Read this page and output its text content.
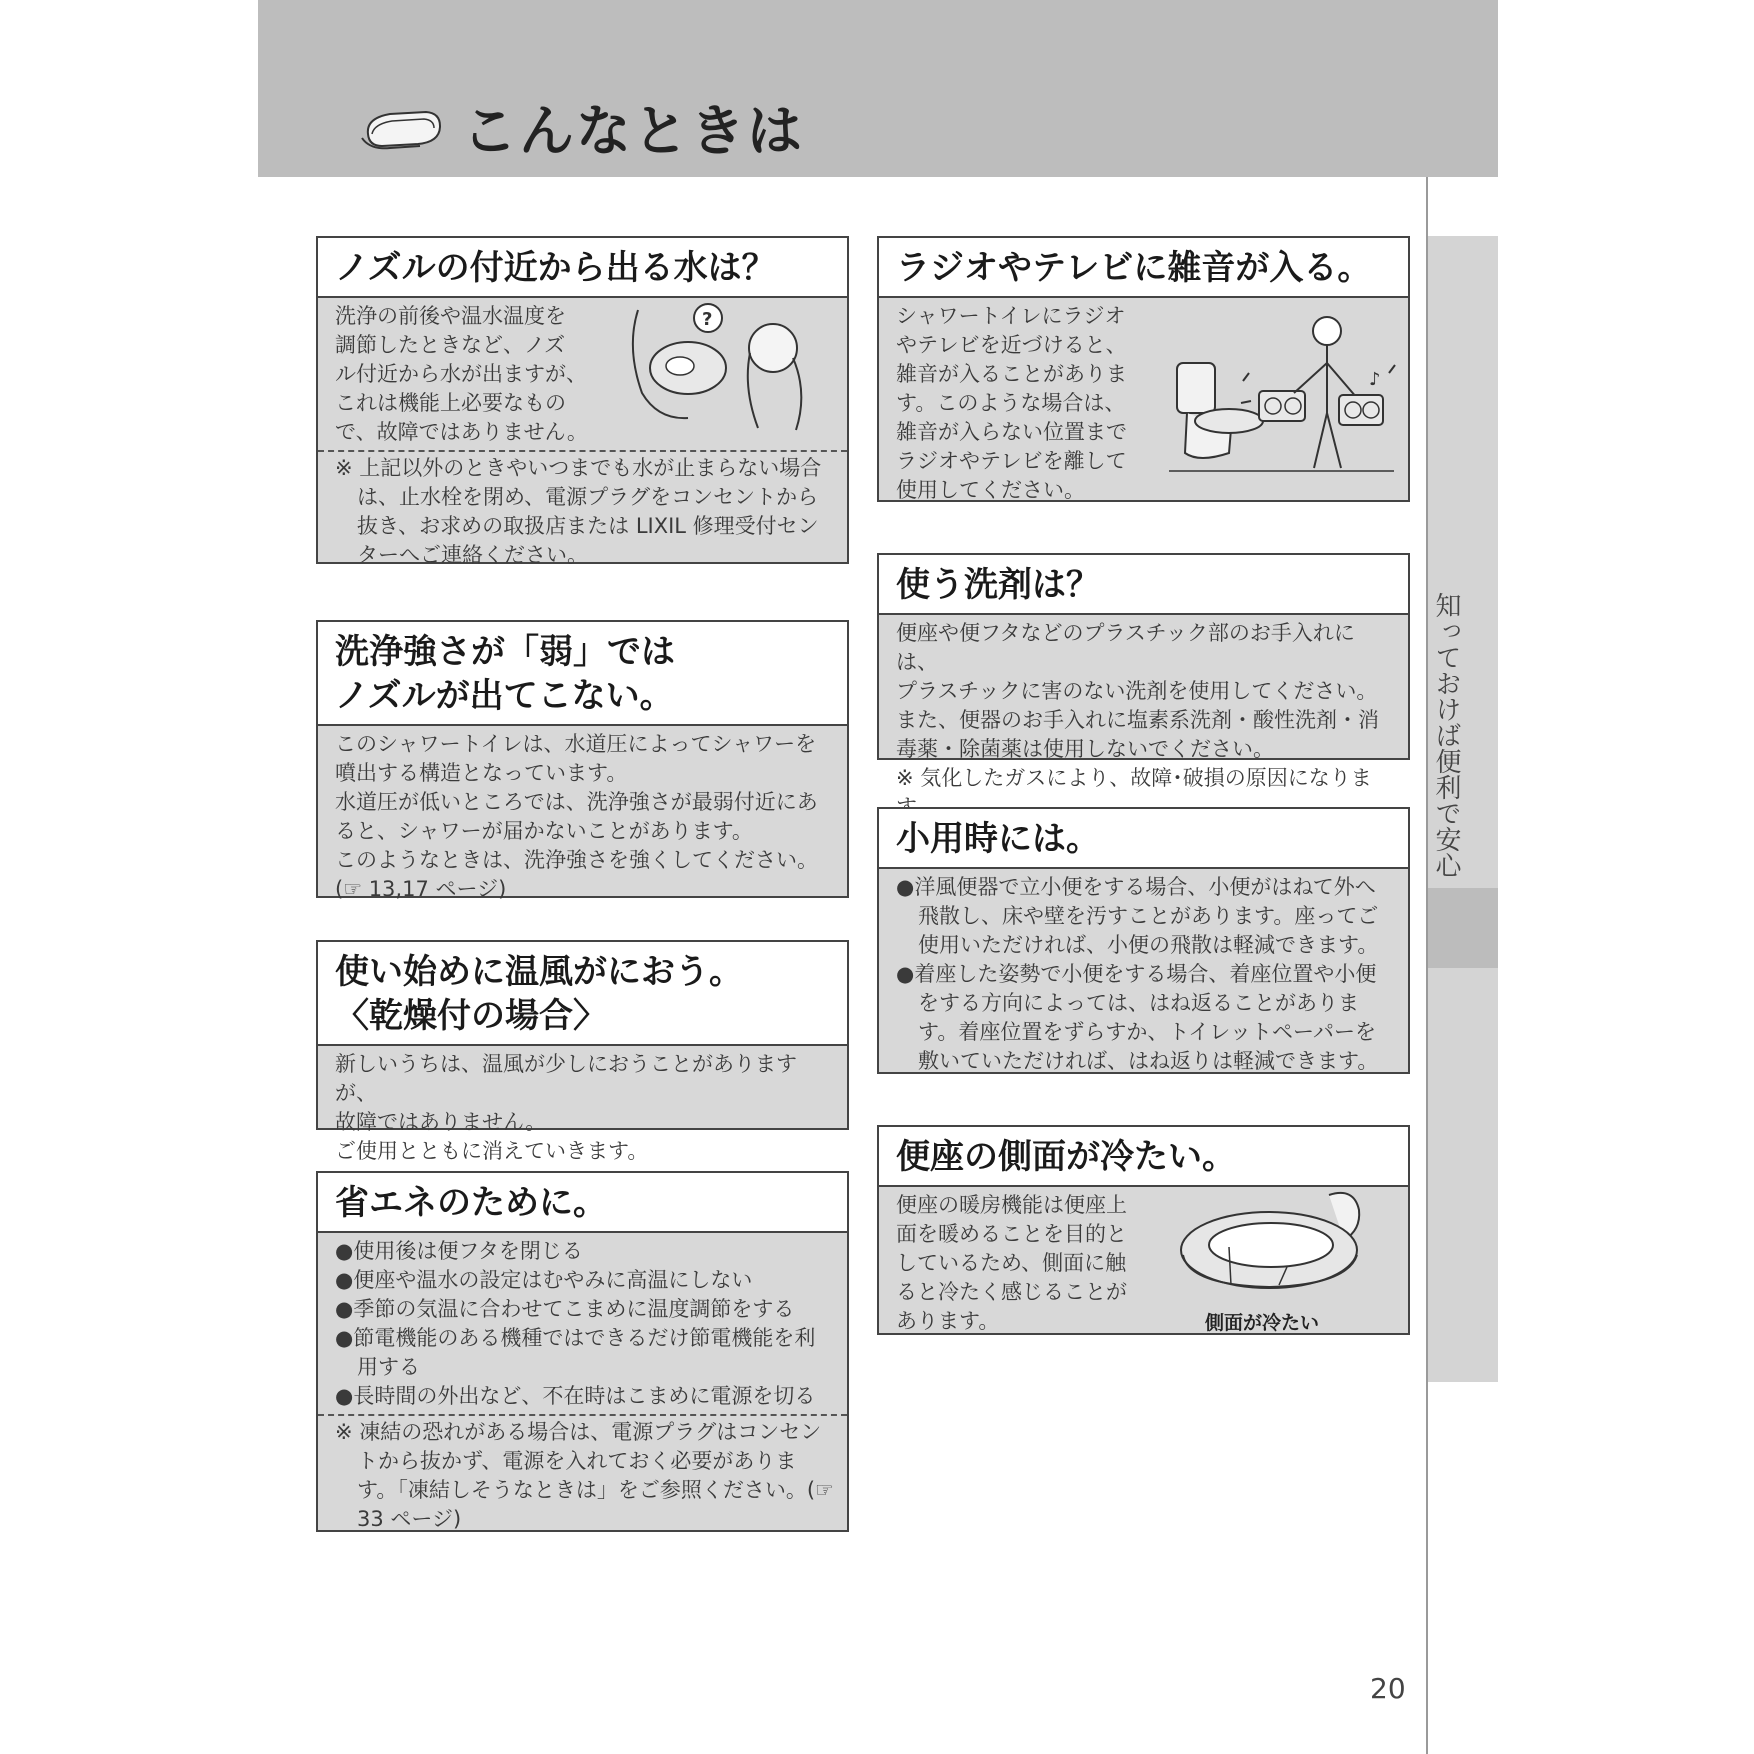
こんなときは
知っておけば便利で安心
ノズルの付近から出る水は？

洗浄の前後や温水温度を

調節したときなど、ノズ

ル付近から水が出ますが、

これは機能上必要なもの

で、故障ではありません。

※ 上記以外のときやいつまでも水が止まらない場合は、止水栓を閉め、電源プラグをコンセントから抜き、お求めの取扱店または LIXIL 修理受付センターへご連絡ください。

?
洗浄強さが「弱」では
ノズルが出てこない。

このシャワートイレは、水道圧によってシャワーを

噴出する構造となっています。

水道圧が低いところでは、洗浄強さが最弱付近にあ

ると、シャワーが届かないことがあります。

このようなときは、洗浄強さを強くしてください。

(☞ 13,17 ページ)

使い始めに温風がにおう。
〈乾燥付の場合〉

新しいうちは、温風が少しにおうことがありますが、

故障ではありません。

ご使用とともに消えていきます。

省エネのために。

●使用後は便フタを閉じる

●便座や温水の設定はむやみに高温にしない

●季節の気温に合わせてこまめに温度調節をする

●節電機能のある機種ではできるだけ節電機能を利用する

●長時間の外出など、不在時はこまめに電源を切る

※ 凍結の恐れがある場合は、電源プラグはコンセントから抜かず、電源を入れておく必要があります。「凍結しそうなときは」をご参照ください。(☞ 33 ページ)

ラジオやテレビに雑音が入る。

シャワートイレにラジオ

やテレビを近づけると、

雑音が入ることがありま

す。このような場合は、

雑音が入らない位置まで

ラジオやテレビを離して

使用してください。

♪
使う洗剤は？

便座や便フタなどのプラスチック部のお手入れには、

プラスチックに害のない洗剤を使用してください。

また、便器のお手入れに塩素系洗剤・酸性洗剤・消

毒薬・除菌薬は使用しないでください。

※ 気化したガスにより、故障･破損の原因になりま

小用時には。

●洋風便器で立小便をする場合、小便がはねて外へ飛散し、床や壁を汚すことがあります。座ってご使用いただければ、小便の飛散は軽減できます。

●着座した姿勢で小便をする場合、着座位置や小便をする方向によっては、はね返ることがあります。着座位置をずらすか、トイレットペーパーを敷いていただければ、はね返りは軽減できます。

便座の側面が冷たい。

便座の暖房機能は便座上

面を暖めることを目的と

しているため、側面に触

ると冷たく感じることが

あります。	側面が冷たい
20
